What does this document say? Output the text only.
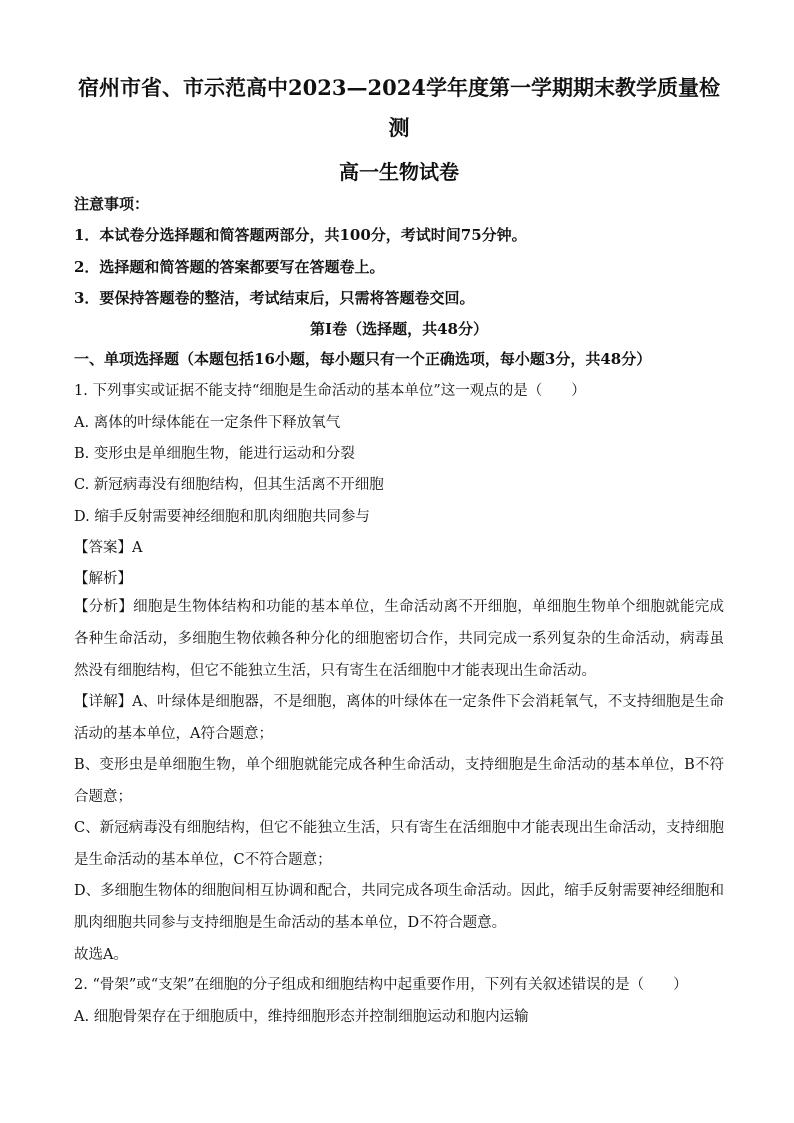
宿州市省、市示范高中2023—2024学年度第一学期期末教学质量检
测
高一生物试卷
注意事项：
1．本试卷分选择题和简答题两部分，共100分，考试时间75分钟。
2．选择题和简答题的答案都要写在答题卷上。
3．要保持答题卷的整洁，考试结束后，只需将答题卷交回。
第Ⅰ卷（选择题，共48分）
一、单项选择题（本题包括16小题，每小题只有一个正确选项，每小题3分，共48分）
1. 下列事实或证据不能支持“细胞是生命活动的基本单位”这一观点的是（　　）
A. 离体的叶绿体能在一定条件下释放氧气
B. 变形虫是单细胞生物，能进行运动和分裂
C. 新冠病毒没有细胞结构，但其生活离不开细胞
D. 缩手反射需要神经细胞和肌肉细胞共同参与
【答案】A
【解析】
【分析】细胞是生物体结构和功能的基本单位，生命活动离不开细胞，单细胞生物单个细胞就能完成各种生命活动，多细胞生物依赖各种分化的细胞密切合作，共同完成一系列复杂的生命活动，病毒虽然没有细胞结构，但它不能独立生活，只有寄生在活细胞中才能表现出生命活动。
【详解】A、叶绿体是细胞器，不是细胞，离体的叶绿体在一定条件下会消耗氧气，不支持细胞是生命活动的基本单位，A符合题意；
B、变形虫是单细胞生物，单个细胞就能完成各种生命活动，支持细胞是生命活动的基本单位，B不符合题意；
C、新冠病毒没有细胞结构，但它不能独立生活，只有寄生在活细胞中才能表现出生命活动，支持细胞是生命活动的基本单位，C不符合题意；
D、多细胞生物体的细胞间相互协调和配合，共同完成各项生命活动。因此，缩手反射需要神经细胞和肌肉细胞共同参与支持细胞是生命活动的基本单位，D不符合题意。
故选A。
2. “骨架”或“支架”在细胞的分子组成和细胞结构中起重要作用，下列有关叙述错误的是（　　）
A. 细胞骨架存在于细胞质中，维持细胞形态并控制细胞运动和胞内运输
